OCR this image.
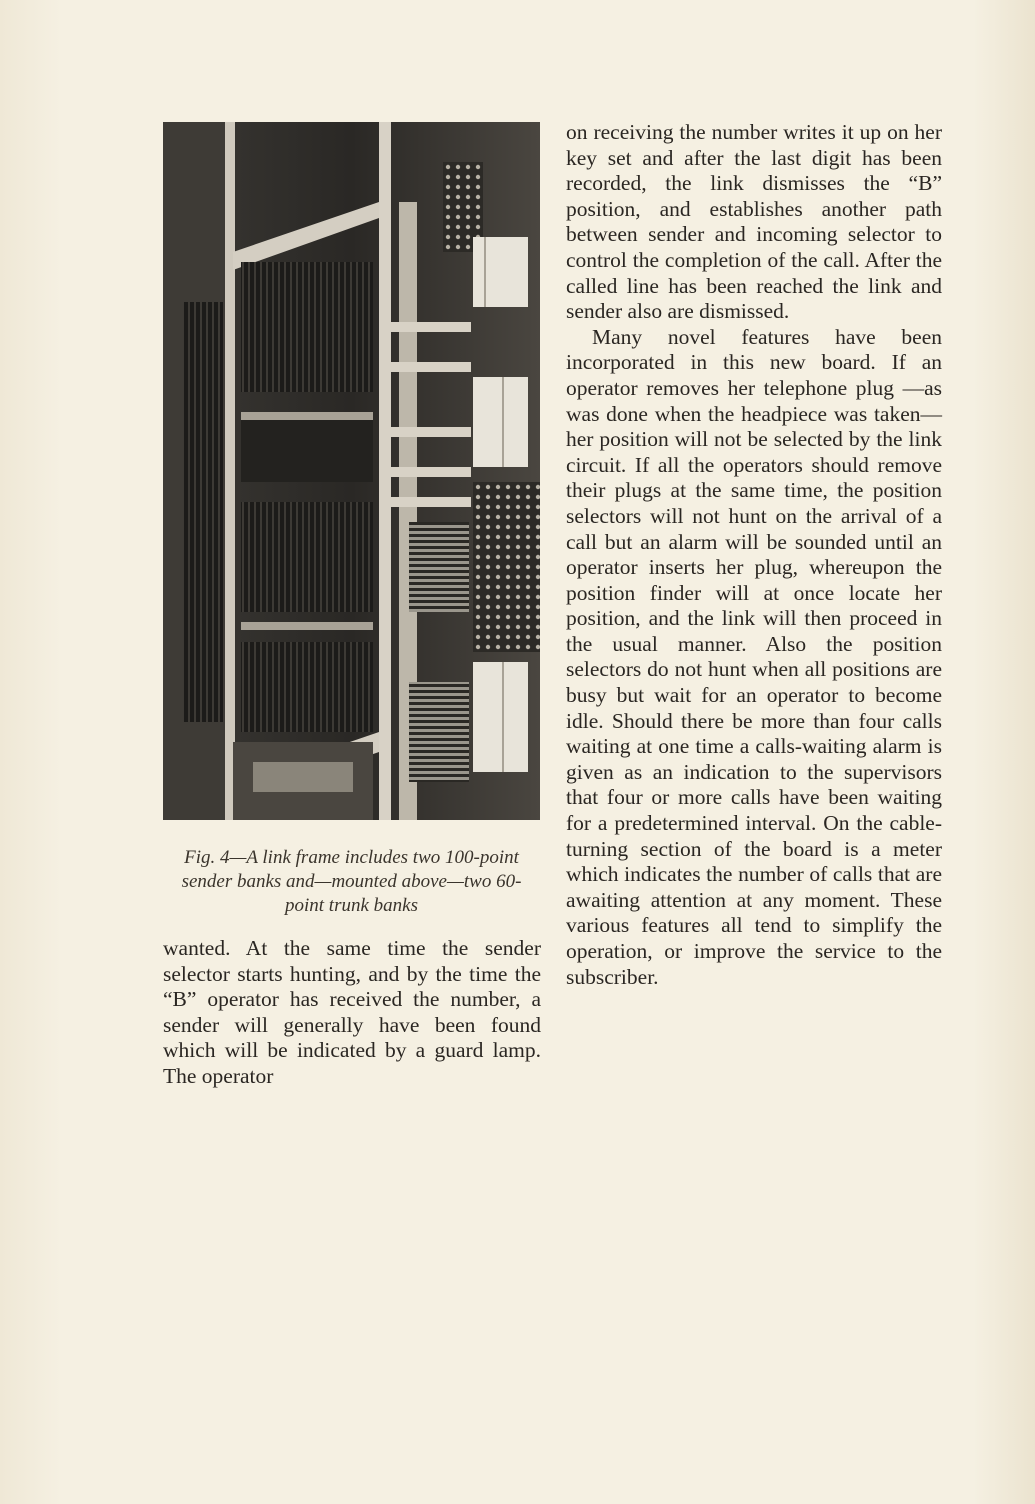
Fig. 4—A link frame includes two 100-point sender banks and—mounted above—two 60-point trunk banks

wanted. At the same time the sender selector starts hunting, and by the time the “B” operator has received the number, a sender will generally have been found which will be indicated by a guard lamp. The operator

on receiving the number writes it up on her key set and after the last digit has been recorded, the link dismisses the “B” position, and establishes another path between sender and incoming selector to control the completion of the call. After the called line has been reached the link and sender also are dismissed.

Many novel features have been incorporated in this new board. If an operator removes her telephone plug —as was done when the headpiece was taken—her position will not be selected by the link circuit. If all the operators should remove their plugs at the same time, the position selectors will not hunt on the arrival of a call but an alarm will be sounded until an operator inserts her plug, whereupon the position finder will at once locate her position, and the link will then proceed in the usual manner. Also the position selectors do not hunt when all positions are busy but wait for an operator to become idle. Should there be more than four calls waiting at one time a calls-waiting alarm is given as an indication to the supervisors that four or more calls have been waiting for a predetermined interval. On the cable-turning section of the board is a meter which indicates the number of calls that are awaiting attention at any moment. These various features all tend to simplify the operation, or improve the service to the subscriber.
